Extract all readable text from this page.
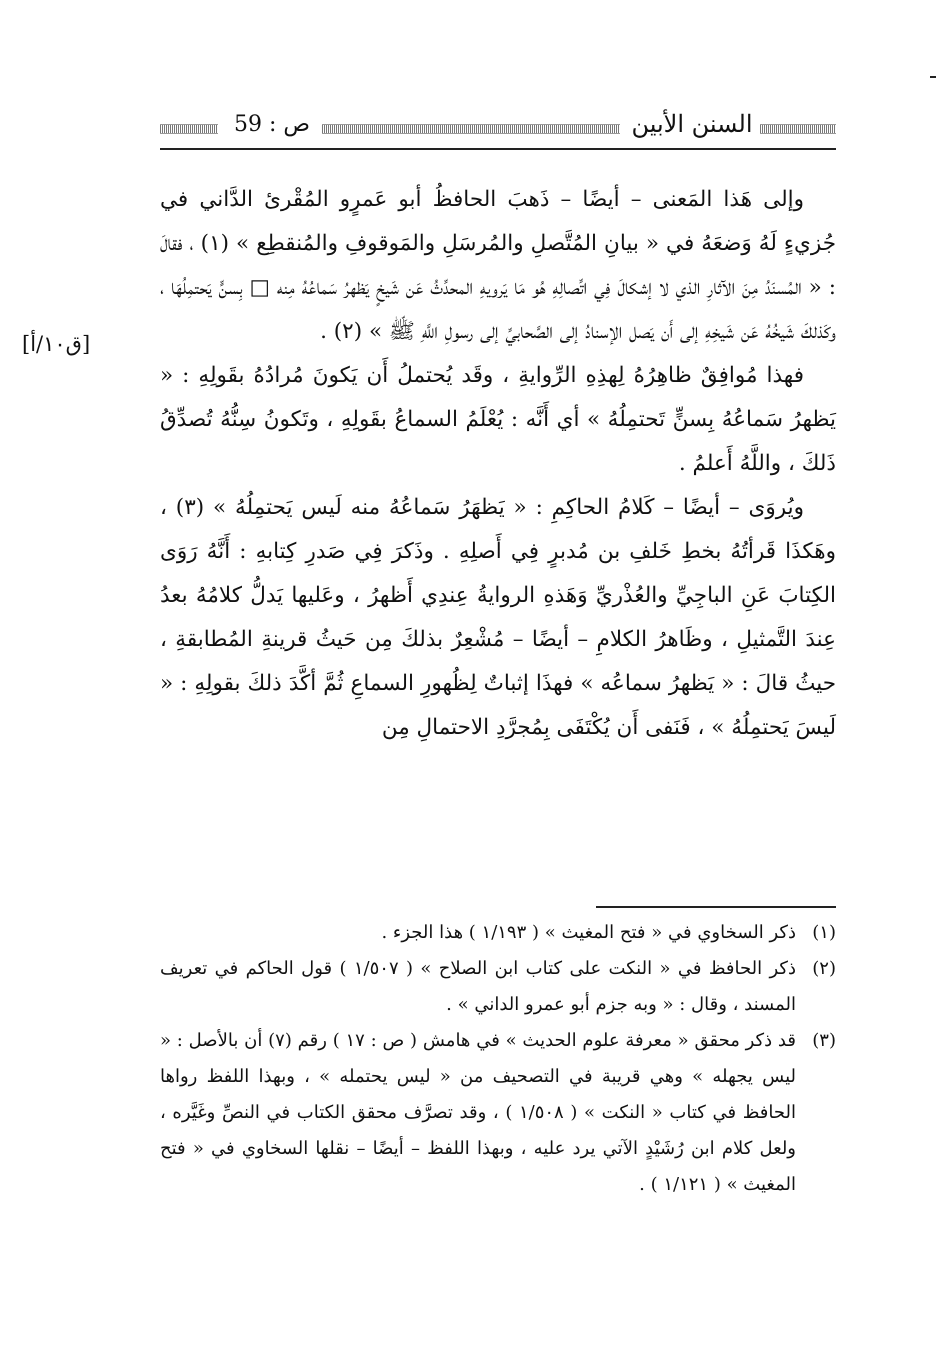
ص : 59	السنن الأبين
[ق١٠/أ]

وإلى هَذا المَعنى – أيضًا – ذَهبَ الحافظُ أبو عَمرٍو المُقْرئ الدَّاني في جُزيءٍ لَهُ وَضعَهُ في « بيانِ المُتَّصلِ والمُرسَلِ والمَوقوفِ والمُنقطِع » (١) ، فقالَ : « المُسنَدُ مِنَ الآثارِ الذي لا إشكالَ فِي اتِّصالِهِ هُو مَا يَرويهِ المحدِّثُ عَن شَيخٍ يَظهرُ سَماعُهُ مِنه □ بِسنٍّ يَحتمِلُهَا ، وكَذلكَ شَيخُهُ عَن شَيخِهِ إلى أَن يَصل الإسنادُ إلى الصَّحابيِّ إلى رسولِ اللَّهِ ﷺ » (٢) .

فهذا مُوافِقٌ ظاهِرُهُ لِهذِهِ الرِّوايةِ ، وقَد يُحتملُ أَن يَكونَ مُرادُهُ بقَولِهِ : « يَظهرُ سَماعُهُ بِسنٍّ تَحتمِلُهُ » أي أَنَّه : يُعْلَمُ السماعُ بقَولِهِ ، وتَكونُ سِنُّهُ تُصدِّقُ ذَلكَ ، واللَّهُ أَعلمُ .

ويُروَى – أيضًا – كَلامُ الحاكِمِ : « يَظهَرُ سَماعُهُ منه لَيس يَحتمِلُهُ » (٣) ، وهَكذَا قَرأتُهُ بخطِ خَلفِ بن مُدبرٍ فِي أَصلِهِ . وذَكرَ فِي صَدرِ كِتابهِ : أَنَّهُ رَوَى الكِتابَ عَنِ الباجِيِّ والعُذْريِّ وَهَذهِ الروايةُ عِندِي أَظهرُ ، وعَليها يَدلُّ كلامُهُ بعدُ عِندَ التَّمثيلِ ، وظَاهرُ الكلامِ – أيضًا – مُشْعِرٌ بذلكَ مِن حَيثُ قرينةِ المُطابقةِ ، حيثُ قالَ : « يَظهرُ سماعُه » فهذَا إثباتٌ لِظُهورِ السماعِ ثُمَّ أكَّدَ ذلكَ بقولِهِ : « لَيسَ يَحتمِلُهُ » ، فَنَفى أَن يُكْتَفَى بِمُجرَّدِ الاحتمالِ مِن

(١)
ذكر السخاوي في « فتح المغيث » ( ١/١٩٣ ) هذا الجزء .
(٢)
ذكر الحافظ في « النكت على كتاب ابن الصلاح » ( ١/٥٠٧ ) قول الحاكم في تعريف المسند ، وقال : « وبه جزم أبو عمرو الداني » .
(٣)
قد ذكر محقق « معرفة علوم الحديث » في هامش ( ص : ١٧ ) رقم (٧) أن بالأصل : « ليس يجهله » وهي قريبة في التصحيف من « ليس يحتمله » ، وبهذا اللفظ رواها الحافظ في كتاب « النكت » ( ١/٥٠٨ ) ، وقد تصرَّف محقق الكتاب في النصِّ وغَيَّره ، ولعل كلام ابن رُشَيْدٍ الآتي يرد عليه ، وبهذا اللفظ – أيضًا – نقلها السخاوي في « فتح المغيث » ( ١/١٢١ ) .
